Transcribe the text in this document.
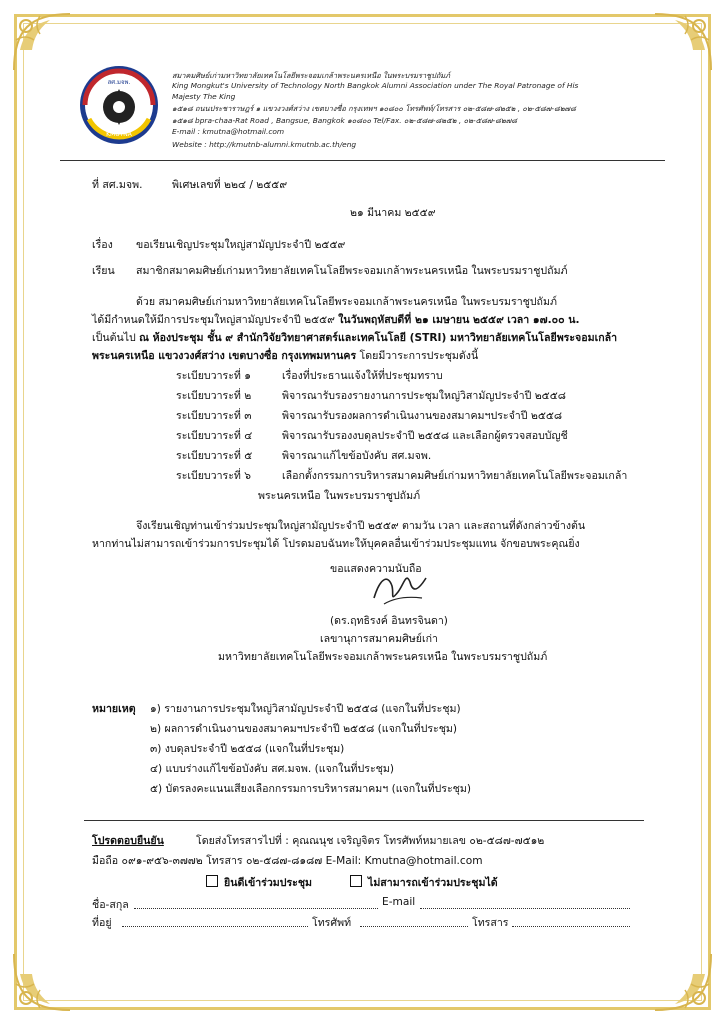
สศ.มจพ.
KMUTNA
สมาคมศิษย์เก่ามหาวิทยาลัยเทคโนโลยีพระจอมเกล้าพระนครเหนือ ในพระบรมราชูปถัมภ์
King Mongkut's University of Technology North Bangkok Alumni Association under The Royal Patronage of His
Majesty The King
๑๕๑๘ ถนนประชาราษฎร์ ๑ แขวงวงศ์สว่าง เขตบางซื่อ กรุงเทพฯ ๑๐๘๐๐ โทรศัพท์/โทรสาร ๐๒-๕๘๗-๘๒๕๒ , ๐๒-๕๘๗-๘๒๗๘
๑๕๑๘ bpra-chaa-Rat Road , Bangsue, Bangkok ๑๐๘๐๐ Tel/Fax. ๐๒-๕๘๗-๘๒๕๒ , ๐๒-๕๘๗-๘๒๗๘
E-mail : kmutna@hotmail.com
Website : http://kmutnb-alumni.kmutnb.ac.th/eng
ที่ สศ.มจพ.	พิเศษเลขที่ ๒๒๔ / ๒๕๕๙
๒๑ มีนาคม ๒๕๕๙
เรื่อง ขอเรียนเชิญประชุมใหญ่สามัญประจำปี ๒๕๕๙
เรียน สมาชิกสมาคมศิษย์เก่ามหาวิทยาลัยเทคโนโลยีพระจอมเกล้าพระนครเหนือ ในพระบรมราชูปถัมภ์
ด้วย สมาคมศิษย์เก่ามหาวิทยาลัยเทคโนโลยีพระจอมเกล้าพระนครเหนือ ในพระบรมราชูปถัมภ์
ได้มีกำหนดให้มีการประชุมใหญ่สามัญประจำปี ๒๕๕๙ ในวันพฤหัสบดีที่ ๒๑ เมษายน ๒๕๕๙ เวลา ๑๗.๐๐ น.
เป็นต้นไป ณ ห้องประชุม ชั้น ๙ สำนักวิจัยวิทยาศาสตร์และเทคโนโลยี (STRI) มหาวิทยาลัยเทคโนโลยีพระจอมเกล้า
พระนครเหนือ แขวงวงศ์สว่าง เขตบางซื่อ กรุงเทพมหานคร โดยมีวาระการประชุมดังนี้
ระเบียบวาระที่ ๑	เรื่องที่ประธานแจ้งให้ที่ประชุมทราบ
ระเบียบวาระที่ ๒	พิจารณารับรองรายงานการประชุมใหญ่วิสามัญประจำปี ๒๕๕๘
ระเบียบวาระที่ ๓	พิจารณารับรองผลการดำเนินงานของสมาคมฯประจำปี ๒๕๕๘
ระเบียบวาระที่ ๔	พิจารณารับรองงบดุลประจำปี ๒๕๕๘ และเลือกผู้ตรวจสอบบัญชี
ระเบียบวาระที่ ๕	พิจารณาแก้ไขข้อบังคับ สศ.มจพ.
ระเบียบวาระที่ ๖	เลือกตั้งกรรมการบริหารสมาคมศิษย์เก่ามหาวิทยาลัยเทคโนโลยีพระจอมเกล้า
พระนครเหนือ ในพระบรมราชูปถัมภ์
จึงเรียนเชิญท่านเข้าร่วมประชุมใหญ่สามัญประจำปี ๒๕๕๙ ตามวัน เวลา และสถานที่ดังกล่าวข้างต้น
หากท่านไม่สามารถเข้าร่วมการประชุมได้ โปรดมอบฉันทะให้บุคคลอื่นเข้าร่วมประชุมแทน จักขอบพระคุณยิ่ง
ขอแสดงความนับถือ
(ดร.ฤทธิรงค์ อินทรจินดา)
เลขานุการสมาคมศิษย์เก่า
มหาวิทยาลัยเทคโนโลยีพระจอมเกล้าพระนครเหนือ ในพระบรมราชูปถัมภ์
หมายเหตุ ๑) รายงานการประชุมใหญ่วิสามัญประจำปี ๒๕๕๘ (แจกในที่ประชุม)
๒) ผลการดำเนินงานของสมาคมฯประจำปี ๒๕๕๘ (แจกในที่ประชุม)
๓) งบดุลประจำปี ๒๕๕๘ (แจกในที่ประชุม)
๔) แบบร่างแก้ไขข้อบังคับ สศ.มจพ. (แจกในที่ประชุม)
๕) บัตรลงคะแนนเสียงเลือกกรรมการบริหารสมาคมฯ (แจกในที่ประชุม)
โปรดตอบยืนยัน	โดยส่งโทรสารไปที่ : คุณณนุช เจริญจิตร โทรศัพท์หมายเลข ๐๒-๕๘๗-๗๕๑๒
มือถือ ๐๙๑-๙๕๖-๓๗๗๒ โทรสาร ๐๒-๕๘๗-๘๑๘๗ E-Mail: Kmutna@hotmail.com
ยินดีเข้าร่วมประชุม	ไม่สามารถเข้าร่วมประชุมได้
ชื่อ-สกุล	E-mail
ที่อยู่	โทรศัพท์	โทรสาร
